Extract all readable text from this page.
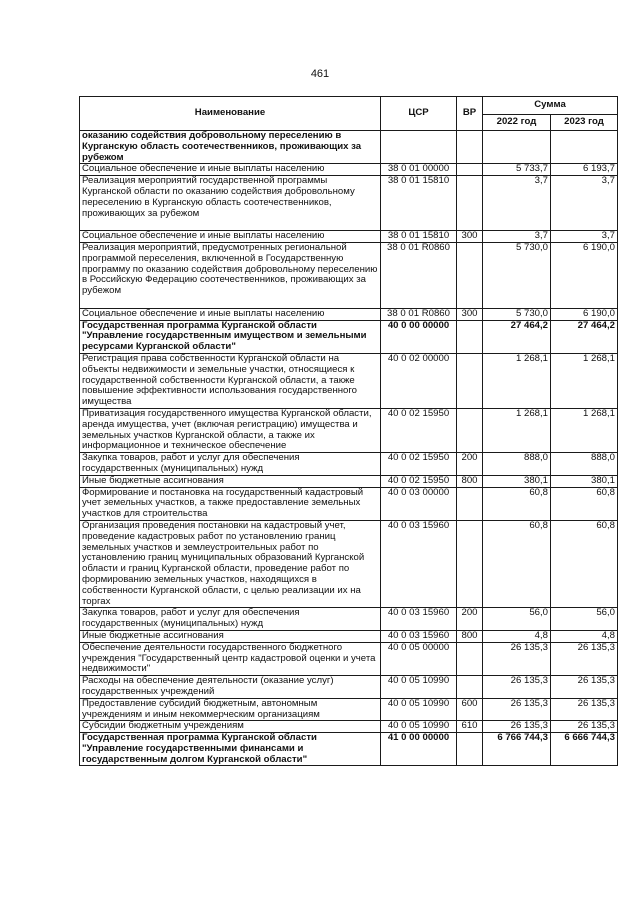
461
Наименование	ЦСР	ВР	Сумма	
			2022 год	2023 год
оказанию содействия добровольному переселению в Курганскую область соотечественников, проживающих за рубежом				
Социальное обеспечение и иные выплаты населению	38 0 01 00000		5 733,7	6 193,7
Реализация мероприятий государственной программы Курганской области по оказанию содействия добровольному переселению в Курганскую область соотечественников, проживающих за рубежом	38 0 01 15810		3,7	3,7
Социальное обеспечение и иные выплаты населению	38 0 01 15810	300	3,7	3,7
Реализация мероприятий, предусмотренных региональной программой переселения, включенной в Государственную программу по оказанию содействия добровольному переселению в Российскую Федерацию соотечественников, проживающих за рубежом	38 0 01 R0860		5 730,0	6 190,0
Социальное обеспечение и иные выплаты населению	38 0 01 R0860	300	5 730,0	6 190,0
Государственная программа Курганской области "Управление государственным имуществом и земельными ресурсами Курганской области"	40 0 00 00000		27 464,2	27 464,2
Регистрация права собственности Курганской области на объекты недвижимости и земельные участки, относящиеся к государственной собственности Курганской области, а также повышение эффективности использования государственного имущества	40 0 02 00000		1 268,1	1 268,1
Приватизация государственного имущества Курганской области, аренда имущества, учет (включая регистрацию) имущества и земельных участков Курганской области, а также их информационное и техническое обеспечение	40 0 02 15950		1 268,1	1 268,1
Закупка товаров, работ и услуг для обеспечения государственных (муниципальных) нужд	40 0 02 15950	200	888,0	888,0
Иные бюджетные ассигнования	40 0 02 15950	800	380,1	380,1
Формирование и постановка на государственный кадастровый учет земельных участков, а также предоставление земельных участков для строительства	40 0 03 00000		60,8	60,8
Организация проведения постановки на кадастровый учет, проведение кадастровых работ по установлению границ земельных участков и землеустроительных работ по установлению границ муниципальных образований Курганской области и границ Курганской области, проведение работ по формированию земельных участков, находящихся в собственности Курганской области, с целью реализации их на торгах	40 0 03 15960		60,8	60,8
Закупка товаров, работ и услуг для обеспечения государственных (муниципальных) нужд	40 0 03 15960	200	56,0	56,0
Иные бюджетные ассигнования	40 0 03 15960	800	4,8	4,8
Обеспечение деятельности государственного бюджетного учреждения "Государственный центр кадастровой оценки и учета недвижимости"	40 0 05 00000		26 135,3	26 135,3
Расходы на обеспечение деятельности (оказание услуг) государственных учреждений	40 0 05 10990		26 135,3	26 135,3
Предоставление субсидий бюджетным, автономным учреждениям и иным некоммерческим организациям	40 0 05 10990	600	26 135,3	26 135,3
Субсидии бюджетным учреждениям	40 0 05 10990	610	26 135,3	26 135,3
Государственная программа Курганской области "Управление государственными финансами и государственным долгом Курганской области"	41 0 00 00000		6 766 744,3	6 666 744,3
